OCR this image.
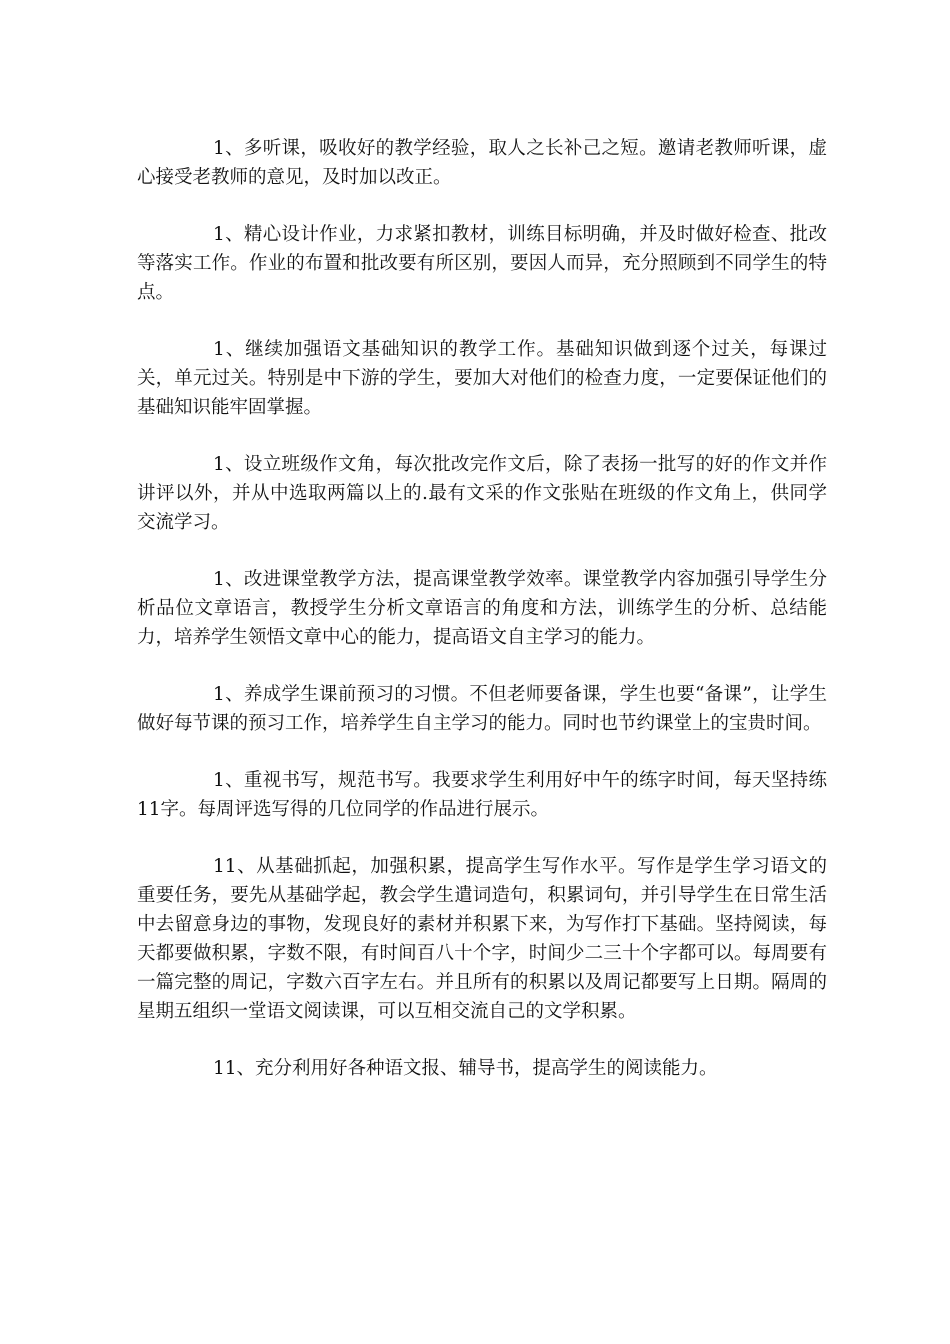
1、多听课，吸收好的教学经验，取人之长补己之短。邀请老教师听课，虚心接受老教师的意见，及时加以改正。

1、精心设计作业，力求紧扣教材，训练目标明确，并及时做好检查、批改等落实工作。作业的布置和批改要有所区别，要因人而异，充分照顾到不同学生的特点。

1、继续加强语文基础知识的教学工作。基础知识做到逐个过关，每课过关，单元过关。特别是中下游的学生，要加大对他们的检查力度，一定要保证他们的基础知识能牢固掌握。

1、设立班级作文角，每次批改完作文后，除了表扬一批写的好的作文并作讲评以外，并从中选取两篇以上的.最有文采的作文张贴在班级的作文角上，供同学交流学习。

1、改进课堂教学方法，提高课堂教学效率。课堂教学内容加强引导学生分析品位文章语言，教授学生分析文章语言的角度和方法，训练学生的分析、总结能力，培养学生领悟文章中心的能力，提高语文自主学习的能力。

1、养成学生课前预习的习惯。不但老师要备课，学生也要“备课”，让学生做好每节课的预习工作，培养学生自主学习的能力。同时也节约课堂上的宝贵时间。

1、重视书写，规范书写。我要求学生利用好中午的练字时间，每天坚持练11字。每周评选写得的几位同学的作品进行展示。

11、从基础抓起，加强积累，提高学生写作水平。写作是学生学习语文的重要任务，要先从基础学起，教会学生遣词造句，积累词句，并引导学生在日常生活中去留意身边的事物，发现良好的素材并积累下来，为写作打下基础。坚持阅读，每天都要做积累，字数不限，有时间百八十个字，时间少二三十个字都可以。每周要有一篇完整的周记，字数六百字左右。并且所有的积累以及周记都要写上日期。隔周的星期五组织一堂语文阅读课，可以互相交流自己的文学积累。

11、充分利用好各种语文报、辅导书，提高学生的阅读能力。
